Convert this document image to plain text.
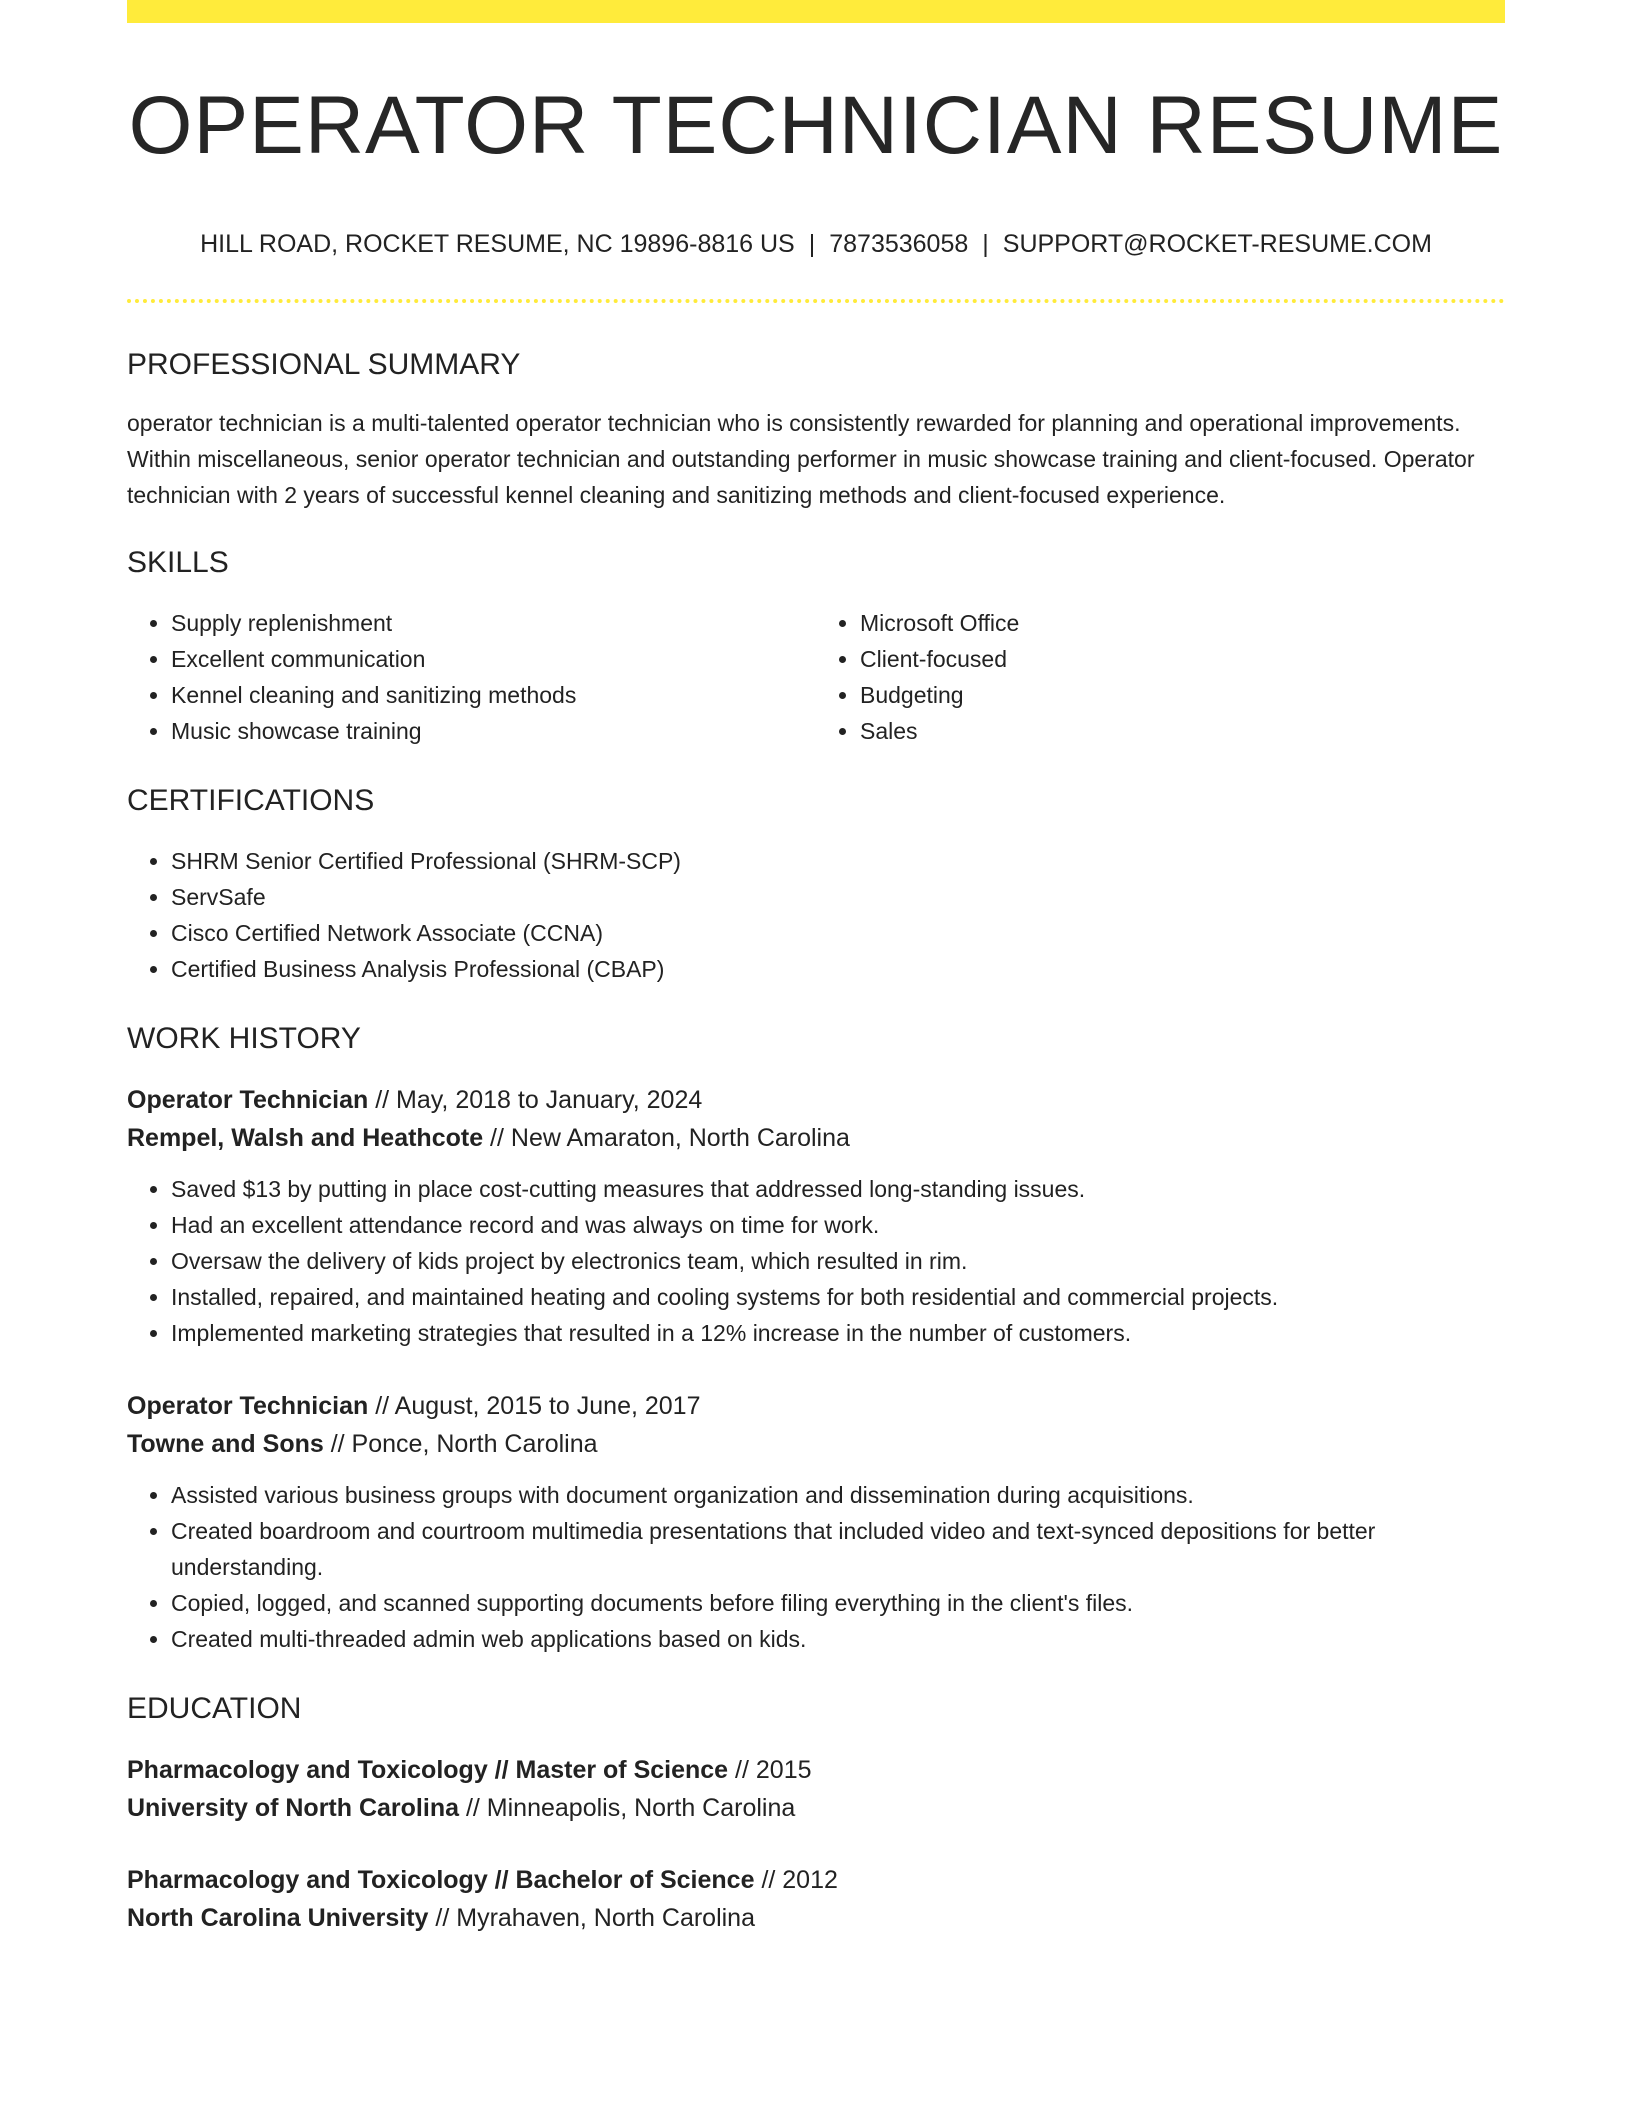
OPERATOR TECHNICIAN RESUME
HILL ROAD, ROCKET RESUME, NC 19896-8816 US | 7873536058 | SUPPORT@ROCKET-RESUME.COM
PROFESSIONAL SUMMARY

operator technician is a multi-talented operator technician who is consistently rewarded for planning and operational improvements. Within miscellaneous, senior operator technician and outstanding performer in music showcase training and client-focused. Operator technician with 2 years of successful kennel cleaning and sanitizing methods and client-focused experience.

SKILLS
• Supply replenishment
• Excellent communication
• Kennel cleaning and sanitizing methods
• Music showcase training
• Microsoft Office
• Client-focused
• Budgeting
• Sales
CERTIFICATIONS
• SHRM Senior Certified Professional (SHRM-SCP)
• ServSafe
• Cisco Certified Network Associate (CCNA)
• Certified Business Analysis Professional (CBAP)
WORK HISTORY
Operator Technician // May, 2018 to January, 2024
Rempel, Walsh and Heathcote // New Amaraton, North Carolina
• Saved $13 by putting in place cost-cutting measures that addressed long-standing issues.
• Had an excellent attendance record and was always on time for work.
• Oversaw the delivery of kids project by electronics team, which resulted in rim.
• Installed, repaired, and maintained heating and cooling systems for both residential and commercial projects.
• Implemented marketing strategies that resulted in a 12% increase in the number of customers.
Operator Technician // August, 2015 to June, 2017
Towne and Sons // Ponce, North Carolina
• Assisted various business groups with document organization and dissemination during acquisitions.
• Created boardroom and courtroom multimedia presentations that included video and text-synced depositions for better understanding.
• Copied, logged, and scanned supporting documents before filing everything in the client's files.
• Created multi-threaded admin web applications based on kids.
EDUCATION
Pharmacology and Toxicology // Master of Science // 2015
University of North Carolina // Minneapolis, North Carolina
Pharmacology and Toxicology // Bachelor of Science // 2012
North Carolina University // Myrahaven, North Carolina
